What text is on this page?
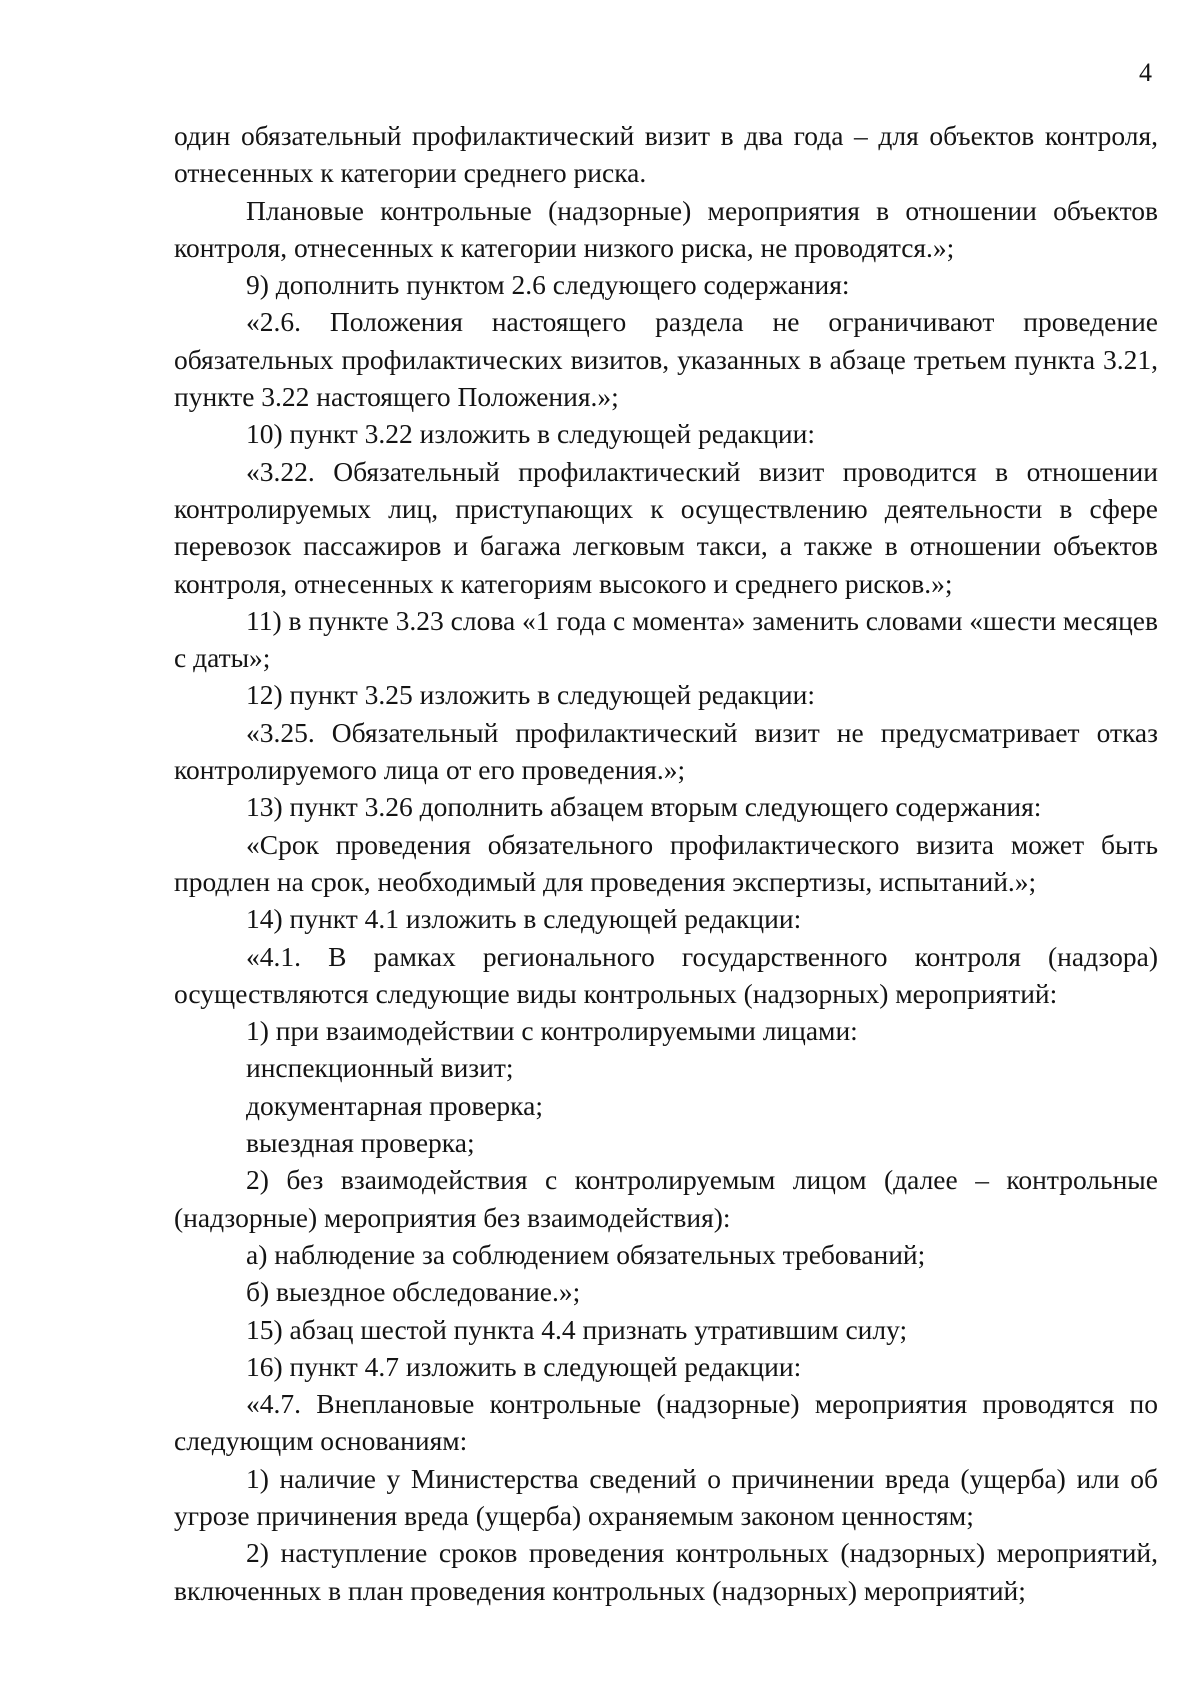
4

один обязательный профилактический визит в два года – для объектов контроля, отнесенных к категории среднего риска.

Плановые контрольные (надзорные) мероприятия в отношении объектов контроля, отнесенных к категории низкого риска, не проводятся.»;

9) дополнить пунктом 2.6 следующего содержания:

«2.6. Положения настоящего раздела не ограничивают проведение обязательных профилактических визитов, указанных в абзаце третьем пункта 3.21, пункте 3.22 настоящего Положения.»;

10) пункт 3.22 изложить в следующей редакции:

«3.22. Обязательный профилактический визит проводится в отношении контролируемых лиц, приступающих к осуществлению деятельности в сфере перевозок пассажиров и багажа легковым такси, а также в отношении объектов контроля, отнесенных к категориям высокого и среднего рисков.»;

11) в пункте 3.23 слова «1 года с момента» заменить словами «шести месяцев с даты»;

12) пункт 3.25 изложить в следующей редакции:

«3.25. Обязательный профилактический визит не предусматривает отказ контролируемого лица от его проведения.»;

13) пункт 3.26 дополнить абзацем вторым следующего содержания:

«Срок проведения обязательного профилактического визита может быть продлен на срок, необходимый для проведения экспертизы, испытаний.»;

14) пункт 4.1 изложить в следующей редакции:

«4.1. В рамках регионального государственного контроля (надзора) осуществляются следующие виды контрольных (надзорных) мероприятий:

1) при взаимодействии с контролируемыми лицами:

инспекционный визит;

документарная проверка;

выездная проверка;

2) без взаимодействия с контролируемым лицом (далее – контрольные (надзорные) мероприятия без взаимодействия):

а) наблюдение за соблюдением обязательных требований;

б) выездное обследование.»;

15) абзац шестой пункта 4.4 признать утратившим силу;

16) пункт 4.7 изложить в следующей редакции:

«4.7. Внеплановые контрольные (надзорные) мероприятия проводятся по следующим основаниям:

1) наличие у Министерства сведений о причинении вреда (ущерба) или об угрозе причинения вреда (ущерба) охраняемым законом ценностям;

2) наступление сроков проведения контрольных (надзорных) мероприятий, включенных в план проведения контрольных (надзорных) мероприятий;
